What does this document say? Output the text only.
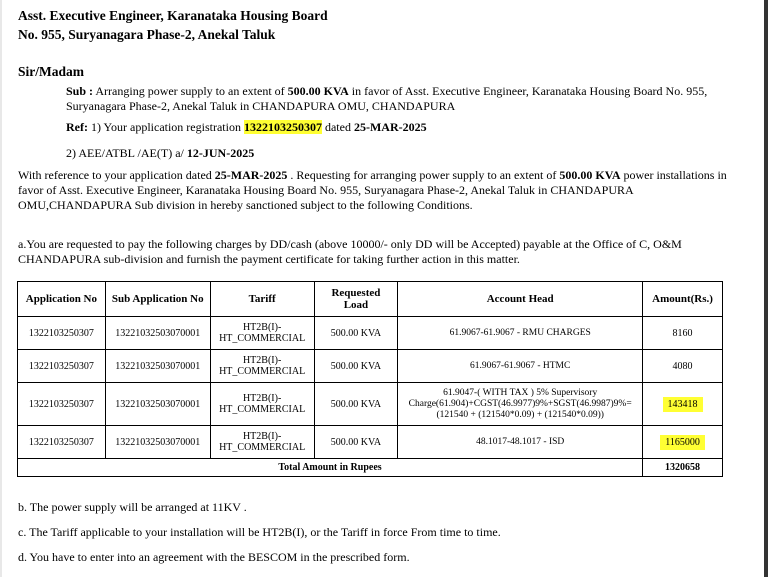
Asst. Executive Engineer, Karanataka Housing Board
No. 955, Suryanagara Phase-2, Anekal Taluk
Sir/Madam
Sub : Arranging power supply to an extent of 500.00 KVA in favor of Asst. Executive Engineer, Karanataka Housing Board No. 955,
Suryanagara Phase-2, Anekal Taluk in CHANDAPURA OMU, CHANDAPURA
Ref: 1) Your application registration 1322103250307 dated 25-MAR-2025
2) AEE/ATBL /AE(T) a/ 12-JUN-2025
With reference to your application dated 25-MAR-2025 . Requesting for arranging power supply to an extent of 500.00 KVA power installations in
favor of Asst. Executive Engineer, Karanataka Housing Board No. 955, Suryanagara Phase-2, Anekal Taluk in CHANDAPURA
OMU,CHANDAPURA Sub division in hereby sanctioned subject to the following Conditions.
a.You are requested to pay the following charges by DD/cash (above 10000/- only DD will be Accepted) payable at the Office of C, O&M
CHANDAPURA sub-division and furnish the payment certificate for taking further action in this matter.
Application No	Sub Application No	Tariff	Requested
Load	Account Head	Amount(Rs.)
1322103250307	13221032503070001	HT2B(I)-
HT_COMMERCIAL	500.00 KVA	61.9067-61.9067 - RMU CHARGES	8160
1322103250307	13221032503070001	HT2B(I)-
HT_COMMERCIAL	500.00 KVA	61.9067-61.9067 - HTMC	4080
1322103250307	13221032503070001	HT2B(I)-
HT_COMMERCIAL	500.00 KVA	61.9047-( WITH TAX ) 5% Supervisory
Charge(61.904)+CGST(46.9977)9%+SGST(46.9987)9%=
(121540 + (121540*0.09) + (121540*0.09))	143418
1322103250307	13221032503070001	HT2B(I)-
HT_COMMERCIAL	500.00 KVA	48.1017-48.1017 - ISD	1165000
Total Amount in Rupees					1320658
b. The power supply will be arranged at 11KV .
c. The Tariff applicable to your installation will be HT2B(I), or the Tariff in force From time to time.
d. You have to enter into an agreement with the BESCOM in the prescribed form.
